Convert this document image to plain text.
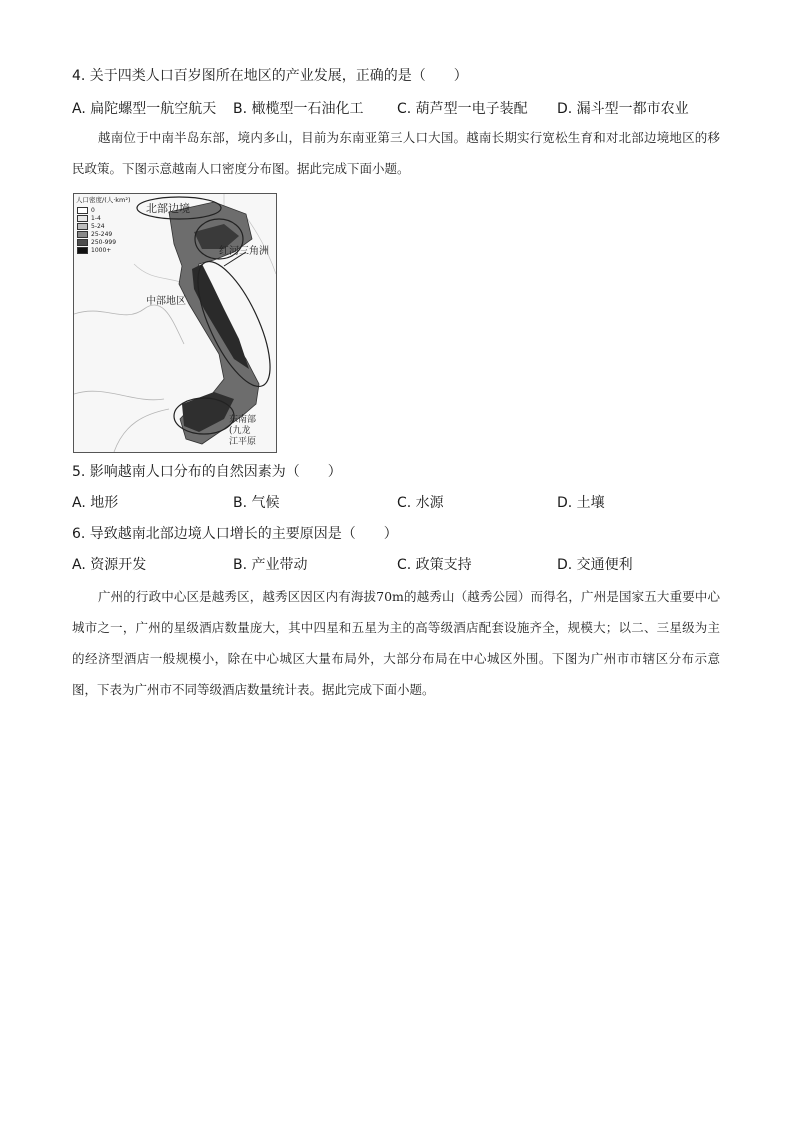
4. 关于四类人口百岁图所在地区的产业发展，正确的是（　　）
A. 扁陀螺型一航空航天 B. 橄榄型一石油化工 C. 葫芦型一电子装配 D. 漏斗型一都市农业
越南位于中南半岛东部，境内多山，目前为东南亚第三人口大国。越南长期实行宽松生育和对北部边境地区的移民政策。下图示意越南人口密度分布图。据此完成下面小题。
人口密度/(人·km²)
0
1-4
5-24
25-249
250-999
1000+
北部边境
红河三角洲
中部地区
东南部
(九龙
江平原
5. 影响越南人口分布的自然因素为（　　）
A. 地形	B. 气候	C. 水源	D. 土壤
6. 导致越南北部边境人口增长的主要原因是（　　）
A. 资源开发	B. 产业带动	C. 政策支持	D. 交通便利
广州的行政中心区是越秀区，越秀区因区内有海拔70m的越秀山（越秀公园）而得名，广州是国家五大重要中心城市之一，广州的星级酒店数量庞大，其中四星和五星为主的高等级酒店配套设施齐全，规模大；以二、三星级为主的经济型酒店一般规模小，除在中心城区大量布局外，大部分布局在中心城区外围。下图为广州市市辖区分布示意图，下表为广州市不同等级酒店数量统计表。据此完成下面小题。
